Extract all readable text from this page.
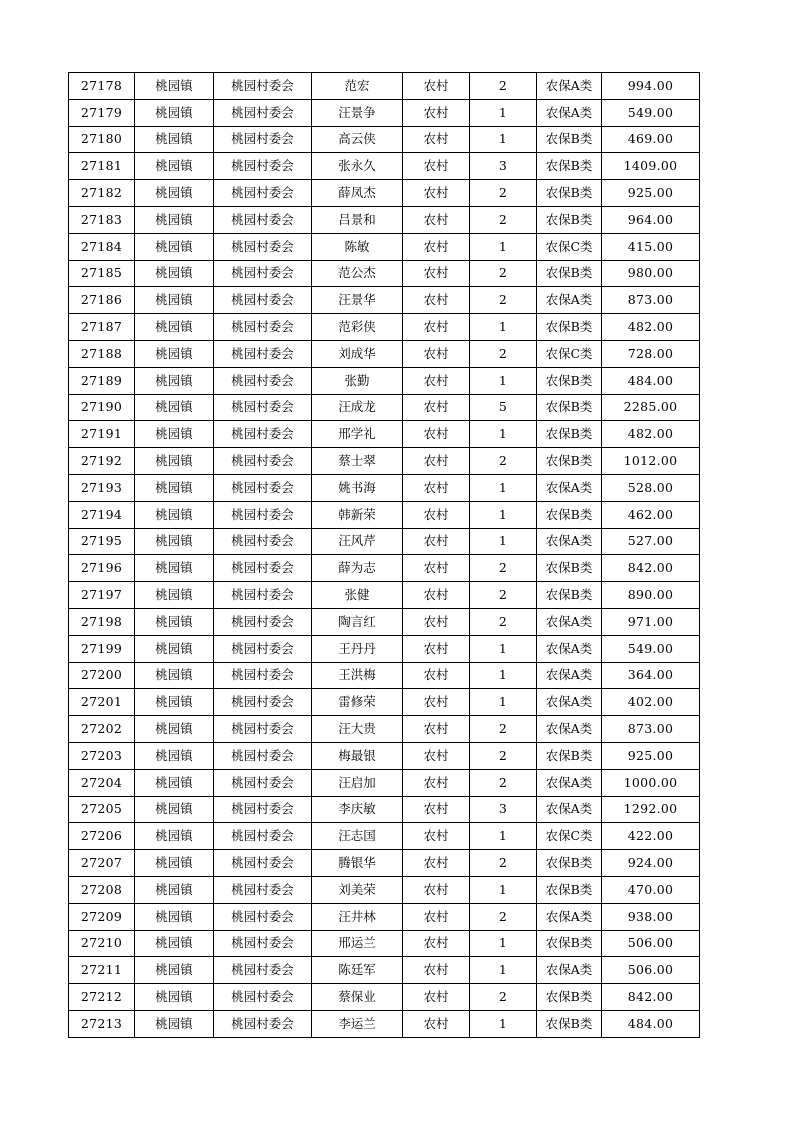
27178	桃园镇	桃园村委会	范宏	农村	2	农保A类	994.00
27179	桃园镇	桃园村委会	汪景争	农村	1	农保A类	549.00
27180	桃园镇	桃园村委会	高云侠	农村	1	农保B类	469.00
27181	桃园镇	桃园村委会	张永久	农村	3	农保B类	1409.00
27182	桃园镇	桃园村委会	薛凤杰	农村	2	农保B类	925.00
27183	桃园镇	桃园村委会	吕景和	农村	2	农保B类	964.00
27184	桃园镇	桃园村委会	陈敏	农村	1	农保C类	415.00
27185	桃园镇	桃园村委会	范公杰	农村	2	农保B类	980.00
27186	桃园镇	桃园村委会	汪景华	农村	2	农保A类	873.00
27187	桃园镇	桃园村委会	范彩侠	农村	1	农保B类	482.00
27188	桃园镇	桃园村委会	刘成华	农村	2	农保C类	728.00
27189	桃园镇	桃园村委会	张勤	农村	1	农保B类	484.00
27190	桃园镇	桃园村委会	汪成龙	农村	5	农保B类	2285.00
27191	桃园镇	桃园村委会	邢学礼	农村	1	农保B类	482.00
27192	桃园镇	桃园村委会	蔡士翠	农村	2	农保B类	1012.00
27193	桃园镇	桃园村委会	姚书海	农村	1	农保A类	528.00
27194	桃园镇	桃园村委会	韩新荣	农村	1	农保B类	462.00
27195	桃园镇	桃园村委会	汪风芹	农村	1	农保A类	527.00
27196	桃园镇	桃园村委会	薛为志	农村	2	农保B类	842.00
27197	桃园镇	桃园村委会	张健	农村	2	农保B类	890.00
27198	桃园镇	桃园村委会	陶言红	农村	2	农保A类	971.00
27199	桃园镇	桃园村委会	王丹丹	农村	1	农保A类	549.00
27200	桃园镇	桃园村委会	王洪梅	农村	1	农保A类	364.00
27201	桃园镇	桃园村委会	雷修荣	农村	1	农保A类	402.00
27202	桃园镇	桃园村委会	汪大贵	农村	2	农保A类	873.00
27203	桃园镇	桃园村委会	梅最银	农村	2	农保B类	925.00
27204	桃园镇	桃园村委会	汪启加	农村	2	农保A类	1000.00
27205	桃园镇	桃园村委会	李庆敏	农村	3	农保A类	1292.00
27206	桃园镇	桃园村委会	汪志国	农村	1	农保C类	422.00
27207	桃园镇	桃园村委会	腾银华	农村	2	农保B类	924.00
27208	桃园镇	桃园村委会	刘美荣	农村	1	农保B类	470.00
27209	桃园镇	桃园村委会	汪井林	农村	2	农保A类	938.00
27210	桃园镇	桃园村委会	邢运兰	农村	1	农保B类	506.00
27211	桃园镇	桃园村委会	陈廷军	农村	1	农保A类	506.00
27212	桃园镇	桃园村委会	蔡保业	农村	2	农保B类	842.00
27213	桃园镇	桃园村委会	李运兰	农村	1	农保B类	484.00
